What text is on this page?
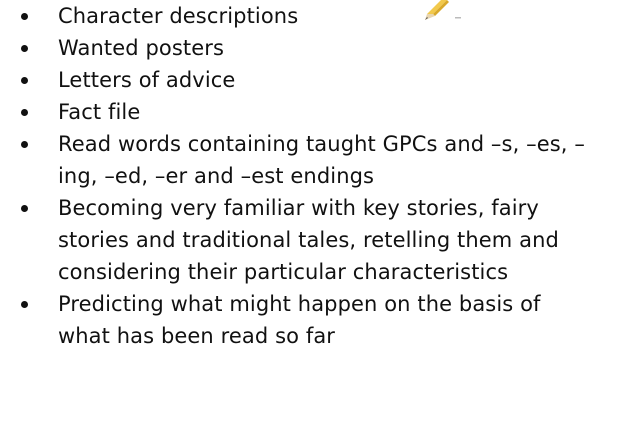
Character descriptions
Wanted posters
Letters of advice
Fact file
Read words containing taught GPCs and –s, –es, –ing, –ed, –er and –est endings
Becoming very familiar with key stories, fairy stories and traditional tales, retelling them and considering their particular characteristics
Predicting what might happen on the basis of what has been read so far
